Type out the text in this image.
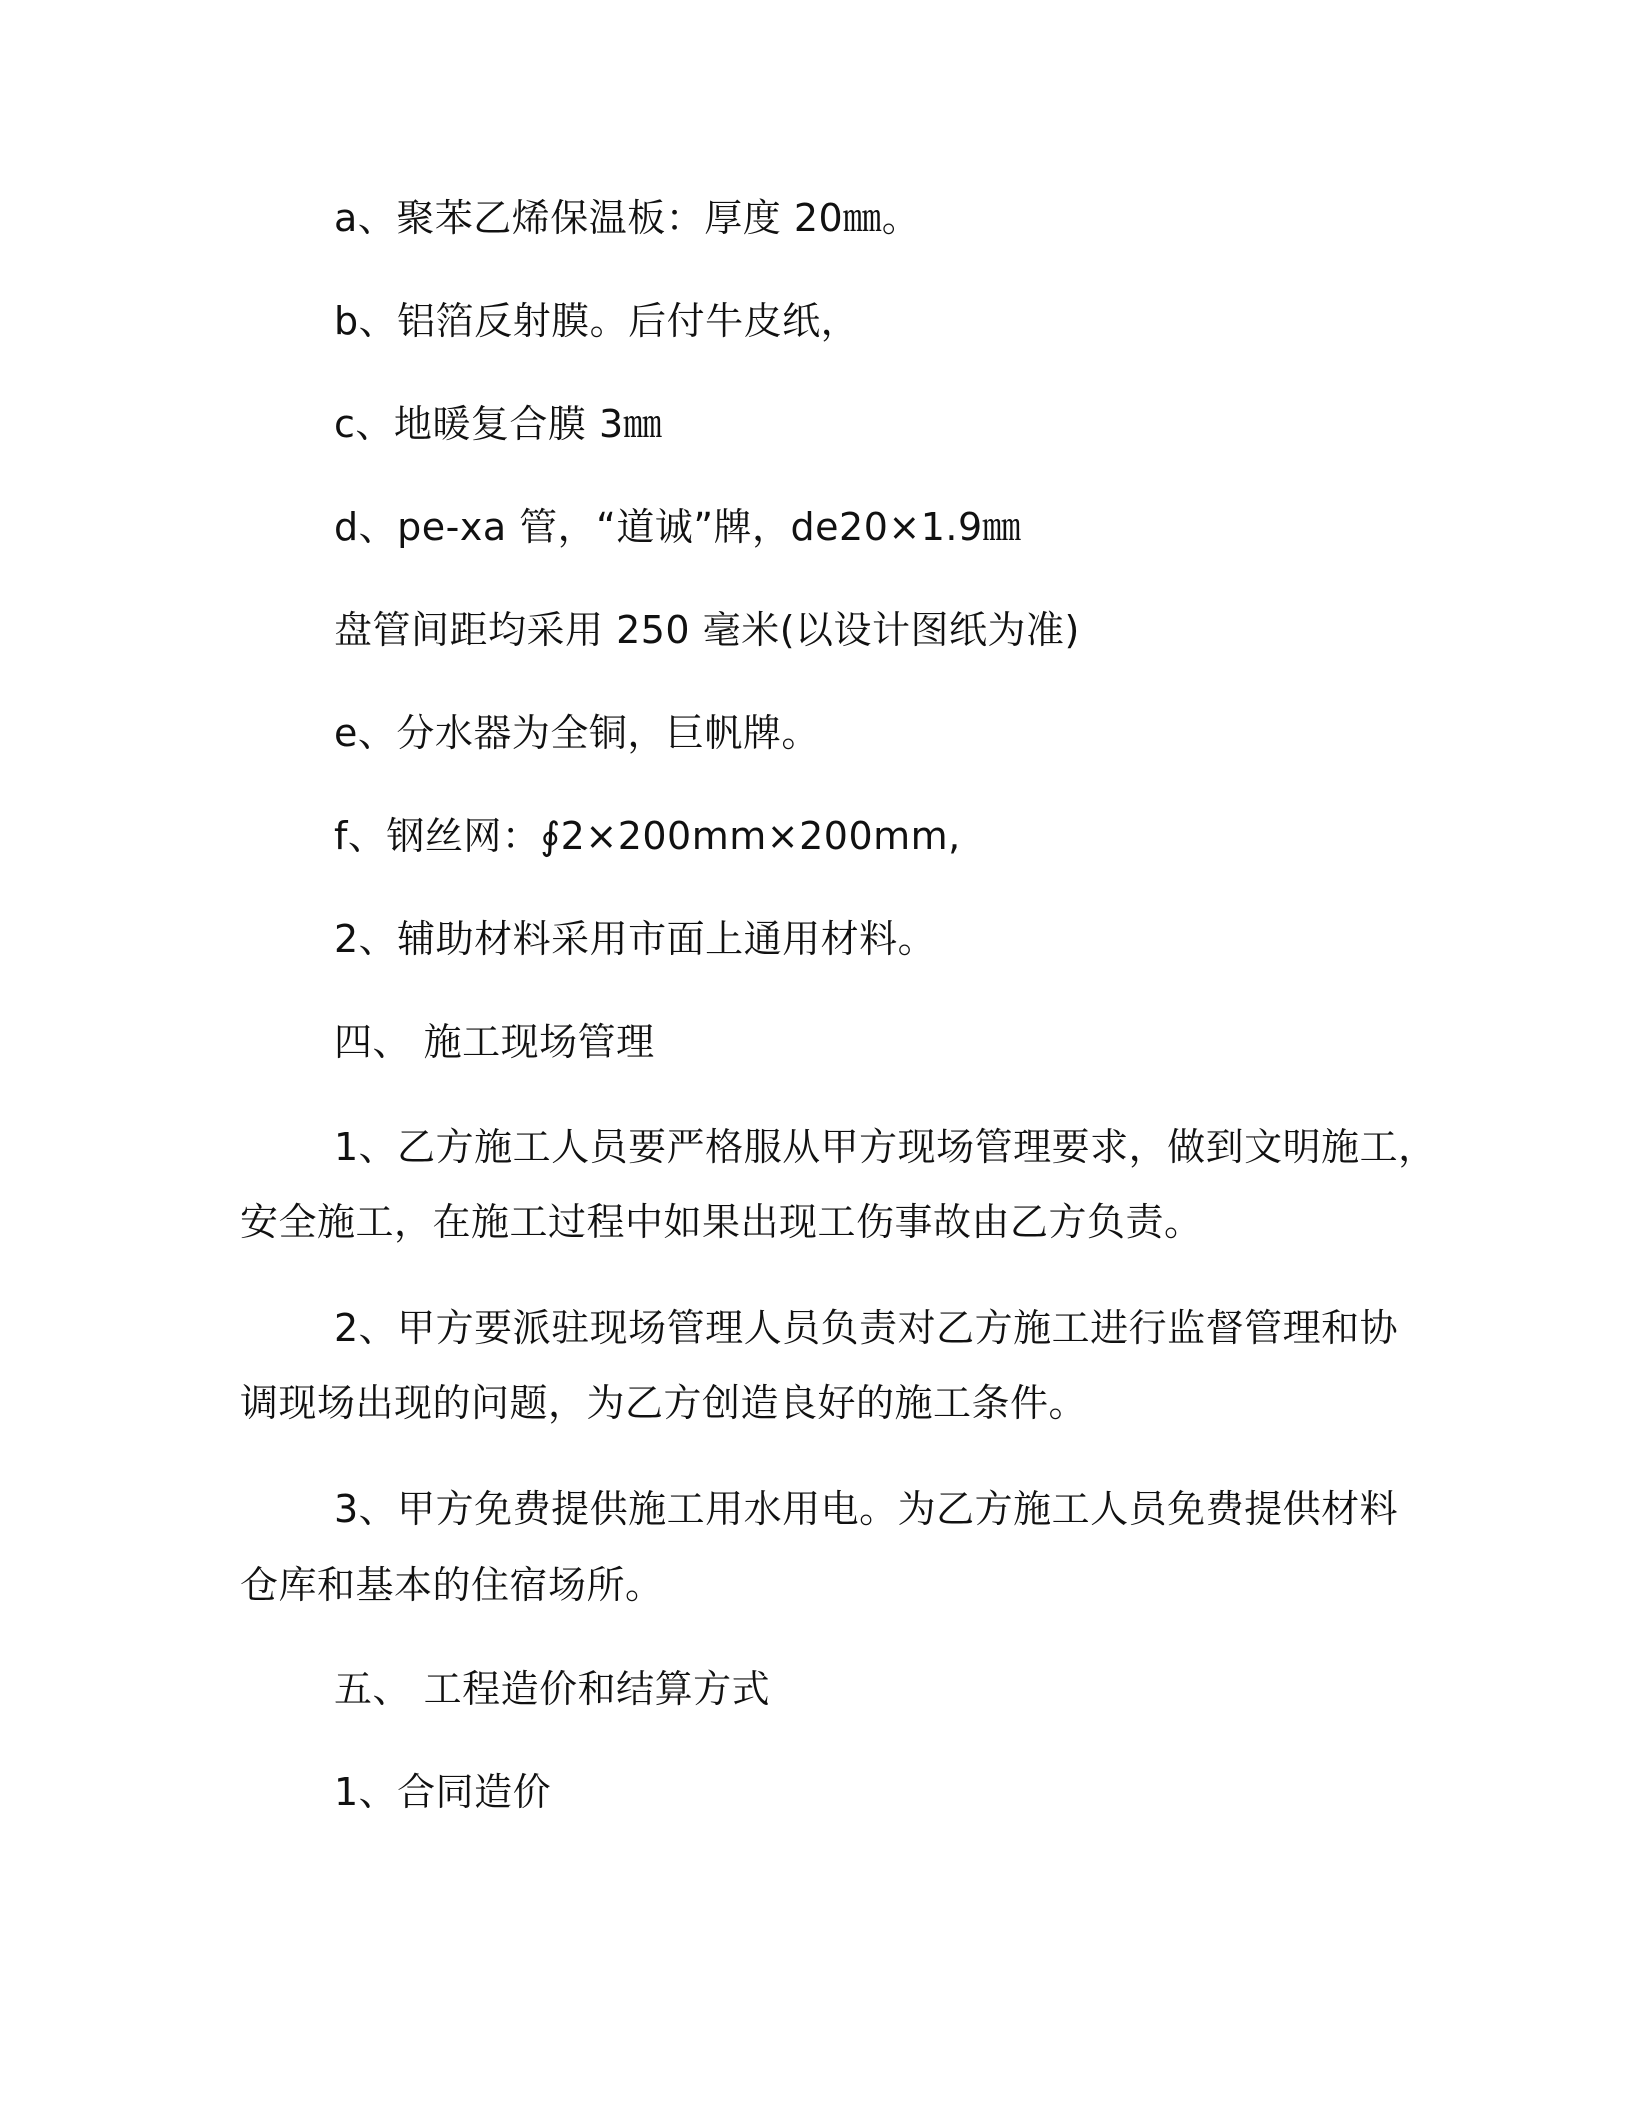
a、聚苯乙烯保温板：厚度 20㎜。
b、铝箔反射膜。后付牛皮纸，
c、地暖复合膜 3㎜
d、pe-xa 管，“道诚”牌，de20×1.9㎜
盘管间距均采用 250 毫米(以设计图纸为准)
e、分水器为全铜，巨帆牌。
f、钢丝网：∮2×200mm×200mm,
2、辅助材料采用市面上通用材料。
四、 施工现场管理
1、乙方施工人员要严格服从甲方现场管理要求，做到文明施工，
安全施工，在施工过程中如果出现工伤事故由乙方负责。
2、甲方要派驻现场管理人员负责对乙方施工进行监督管理和协
调现场出现的问题，为乙方创造良好的施工条件。
3、甲方免费提供施工用水用电。为乙方施工人员免费提供材料
仓库和基本的住宿场所。
五、 工程造价和结算方式
1、合同造价
